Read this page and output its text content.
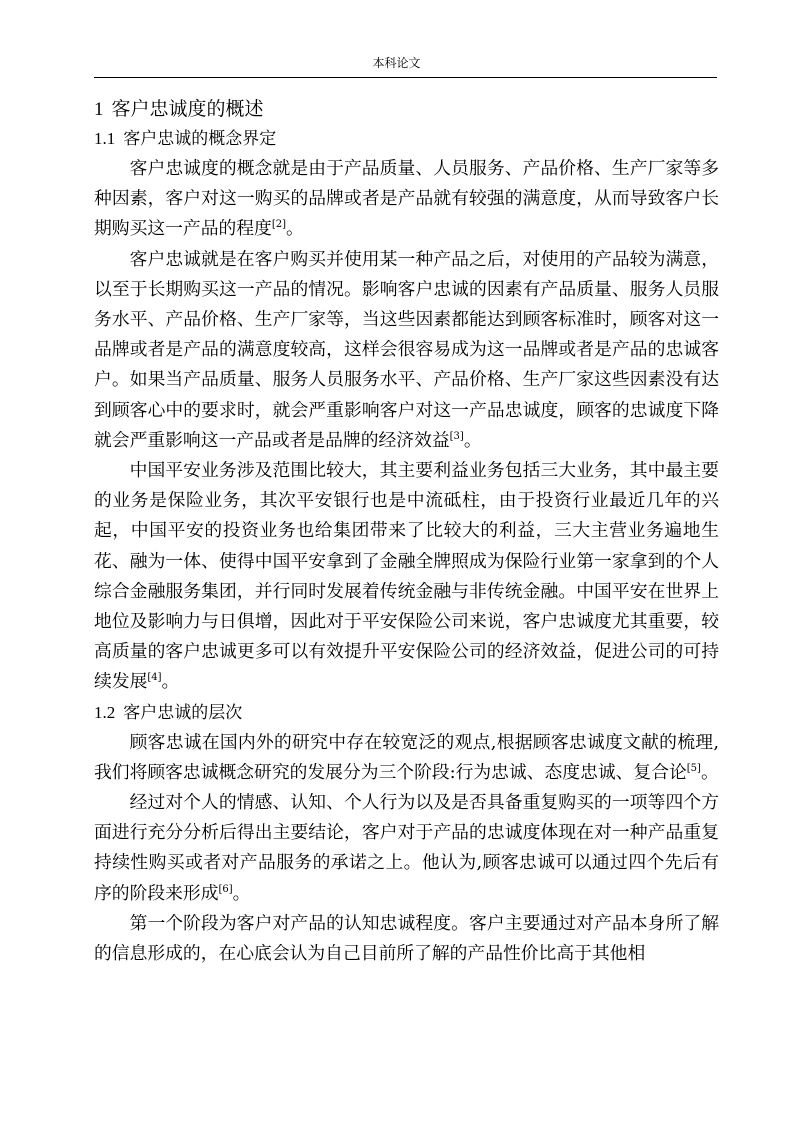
本科论文
1 客户忠诚度的概述
1.1 客户忠诚的概念界定

客户忠诚度的概念就是由于产品质量、人员服务、产品价格、生产厂家等多种因素，客户对这一购买的品牌或者是产品就有较强的满意度，从而导致客户长期购买这一产品的程度[2]。

客户忠诚就是在客户购买并使用某一种产品之后，对使用的产品较为满意，以至于长期购买这一产品的情况。影响客户忠诚的因素有产品质量、服务人员服务水平、产品价格、生产厂家等，当这些因素都能达到顾客标准时，顾客对这一品牌或者是产品的满意度较高，这样会很容易成为这一品牌或者是产品的忠诚客户。如果当产品质量、服务人员服务水平、产品价格、生产厂家这些因素没有达到顾客心中的要求时，就会严重影响客户对这一产品忠诚度，顾客的忠诚度下降就会严重影响这一产品或者是品牌的经济效益[3]。

中国平安业务涉及范围比较大，其主要利益业务包括三大业务，其中最主要的业务是保险业务，其次平安银行也是中流砥柱，由于投资行业最近几年的兴起，中国平安的投资业务也给集团带来了比较大的利益，三大主营业务遍地生花、融为一体、使得中国平安拿到了金融全牌照成为保险行业第一家拿到的个人综合金融服务集团，并行同时发展着传统金融与非传统金融。中国平安在世界上地位及影响力与日俱增，因此对于平安保险公司来说，客户忠诚度尤其重要，较高质量的客户忠诚更多可以有效提升平安保险公司的经济效益，促进公司的可持续发展[4]。

1.2 客户忠诚的层次

顾客忠诚在国内外的研究中存在较宽泛的观点,根据顾客忠诚度文献的梳理,我们将顾客忠诚概念研究的发展分为三个阶段:行为忠诚、态度忠诚、复合论[5]。

经过对个人的情感、认知、个人行为以及是否具备重复购买的一项等四个方面进行充分分析后得出主要结论，客户对于产品的忠诚度体现在对一种产品重复持续性购买或者对产品服务的承诺之上。他认为,顾客忠诚可以通过四个先后有序的阶段来形成[6]。

第一个阶段为客户对产品的认知忠诚程度。客户主要通过对产品本身所了解的信息形成的，在心底会认为自己目前所了解的产品性价比高于其他相
